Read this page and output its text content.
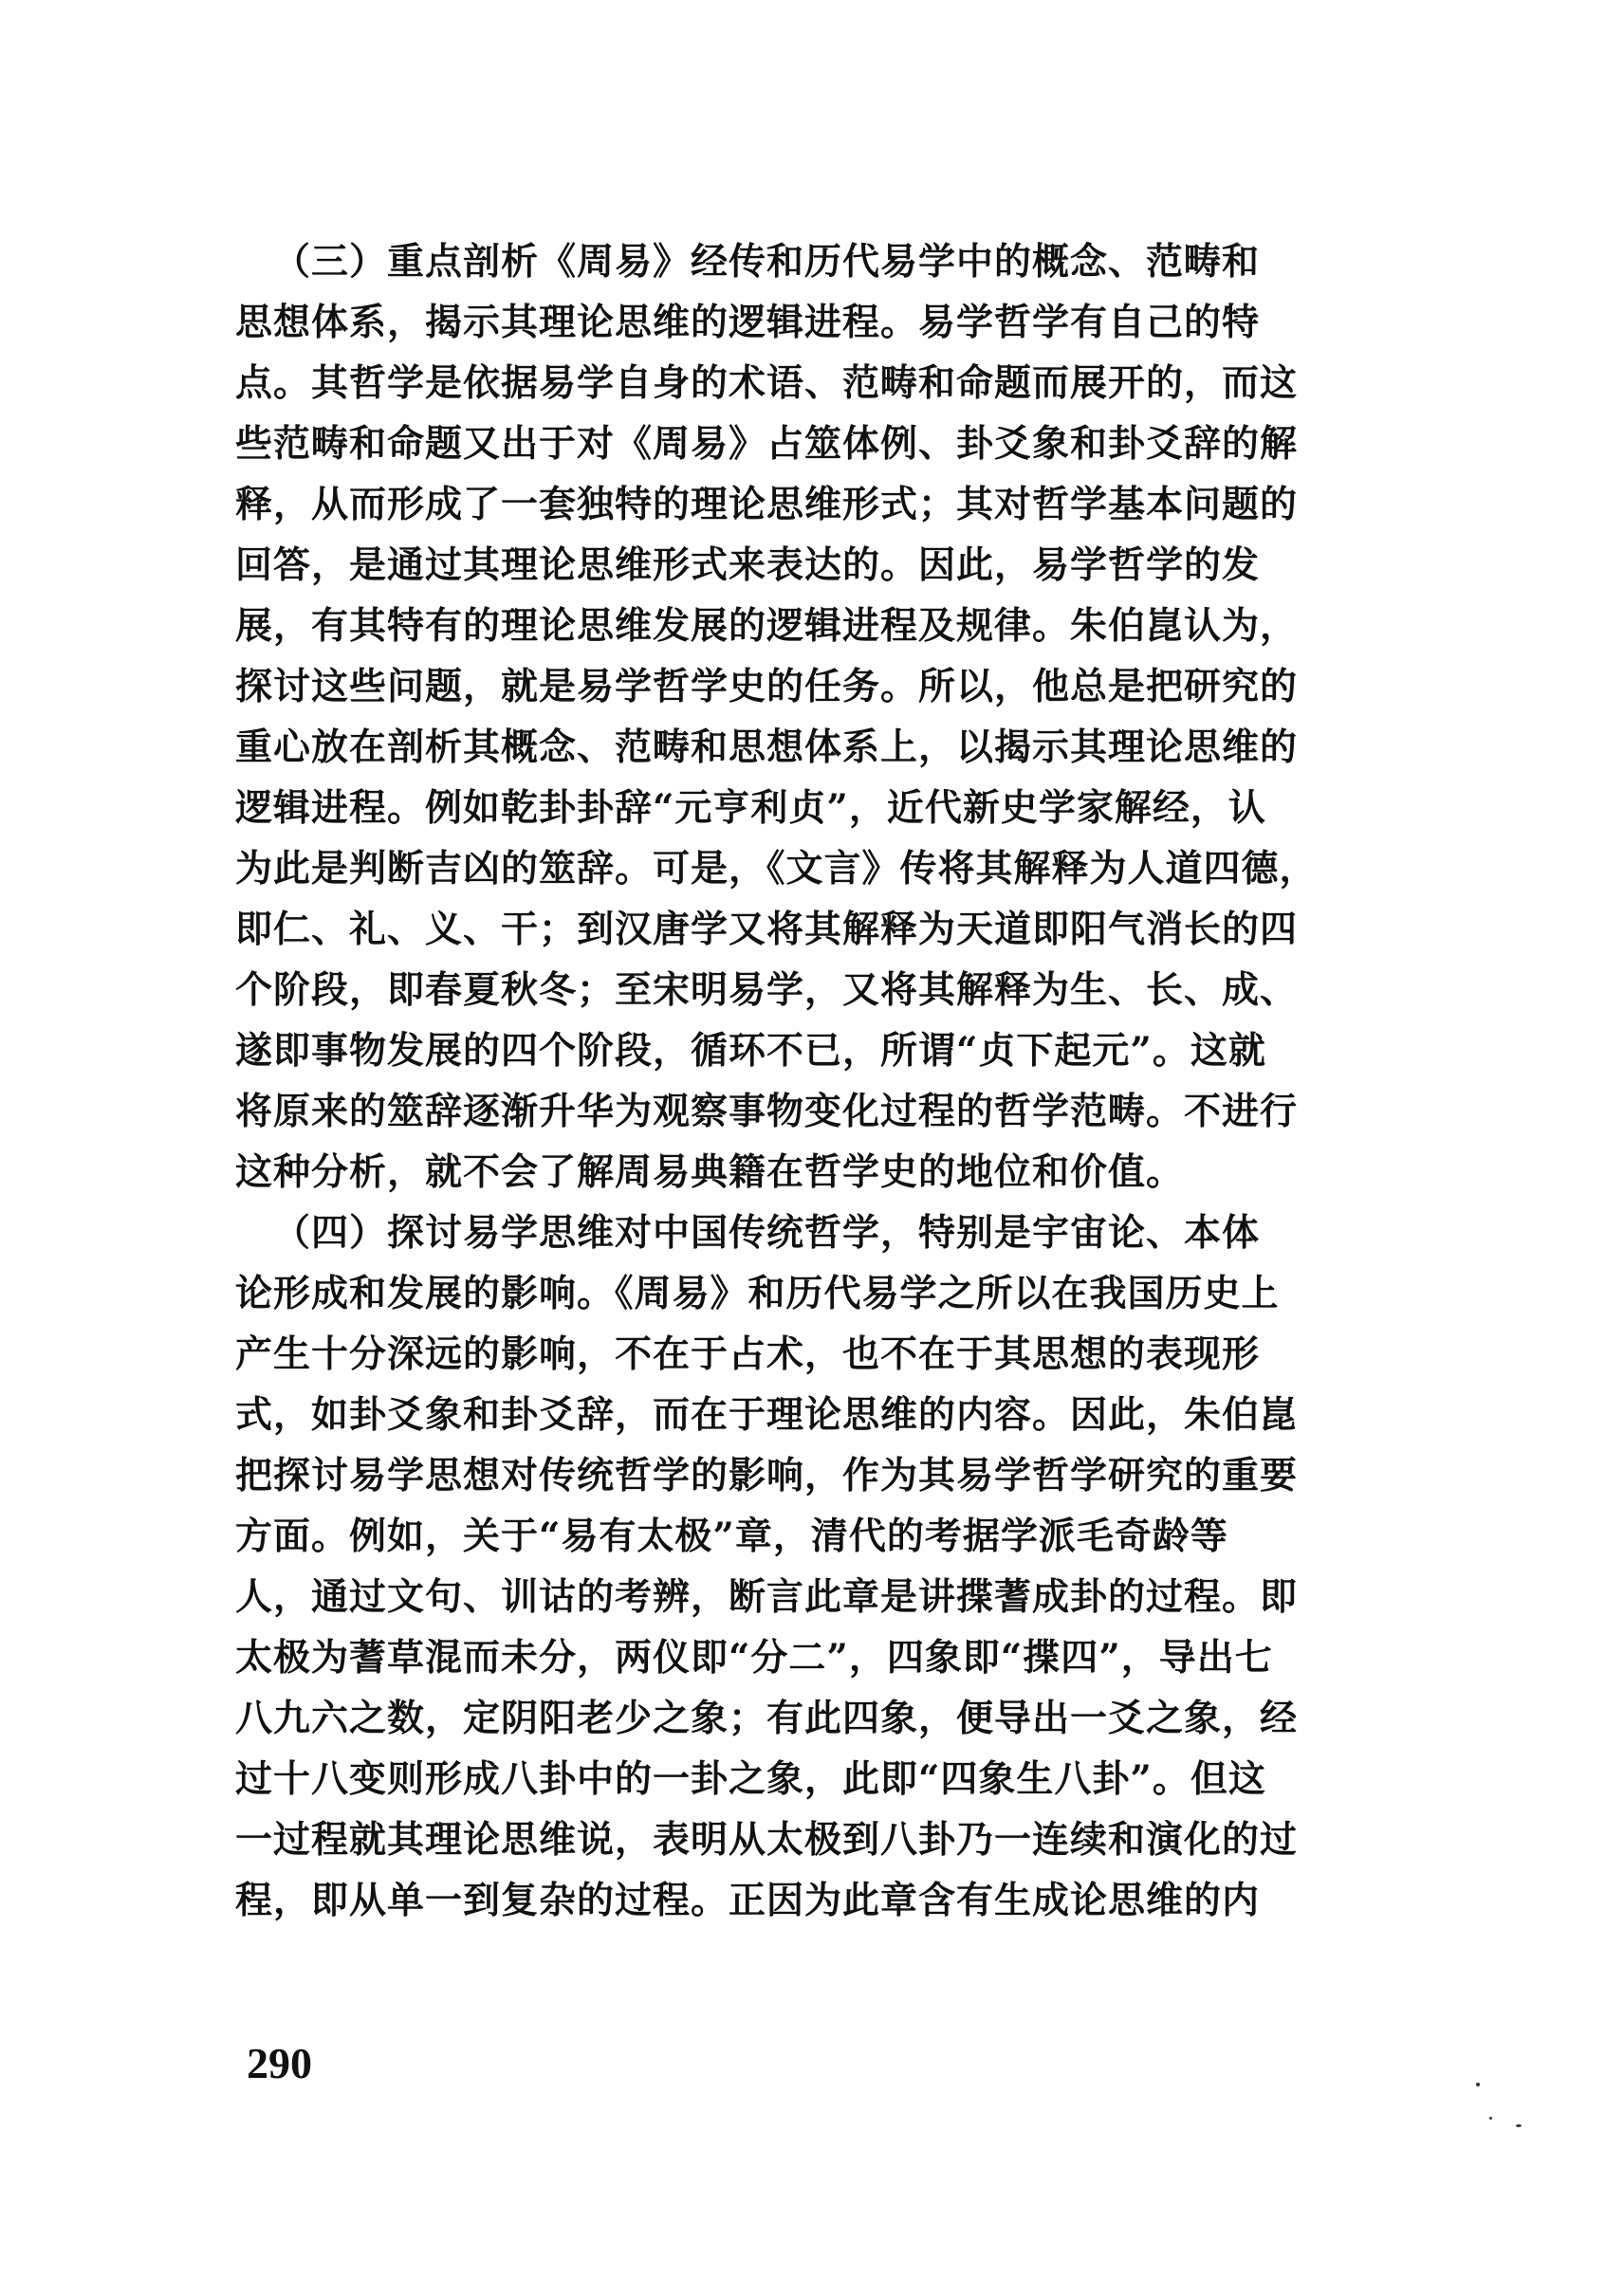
（三）重点剖析《周易》经传和历代易学中的概念、范畴和
思想体系，揭示其理论思维的逻辑进程。易学哲学有自己的特
点。其哲学是依据易学自身的术语、范畴和命题而展开的，而这
些范畴和命题又出于对《周易》占筮体例、卦爻象和卦爻辞的解
释，从而形成了一套独特的理论思维形式；其对哲学基本问题的
回答，是通过其理论思维形式来表达的。因此，易学哲学的发
展，有其特有的理论思维发展的逻辑进程及规律。朱伯崑认为，
探讨这些问题，就是易学哲学史的任务。所以，他总是把研究的
重心放在剖析其概念、范畴和思想体系上，以揭示其理论思维的
逻辑进程。例如乾卦卦辞“元亨利贞”，近代新史学家解经，认
为此是判断吉凶的筮辞。可是，《文言》传将其解释为人道四德，
即仁、礼、义、干；到汉唐学又将其解释为天道即阳气消长的四
个阶段，即春夏秋冬；至宋明易学，又将其解释为生、长、成、
遂即事物发展的四个阶段，循环不已，所谓“贞下起元”。这就
将原来的筮辞逐渐升华为观察事物变化过程的哲学范畴。不进行
这种分析，就不会了解周易典籍在哲学史的地位和价值。
（四）探讨易学思维对中国传统哲学，特别是宇宙论、本体
论形成和发展的影响。《周易》和历代易学之所以在我国历史上
产生十分深远的影响，不在于占术，也不在于其思想的表现形
式，如卦爻象和卦爻辞，而在于理论思维的内容。因此，朱伯崑
把探讨易学思想对传统哲学的影响，作为其易学哲学研究的重要
方面。例如，关于“易有太极”章，清代的考据学派毛奇龄等
人，通过文句、训诂的考辨，断言此章是讲揲蓍成卦的过程。即
太极为蓍草混而未分，两仪即“分二”，四象即“揲四”，导出七
八九六之数，定阴阳老少之象；有此四象，便导出一爻之象，经
过十八变则形成八卦中的一卦之象，此即“四象生八卦”。但这
一过程就其理论思维说，表明从太极到八卦乃一连续和演化的过
程，即从单一到复杂的过程。正因为此章含有生成论思维的内
290
